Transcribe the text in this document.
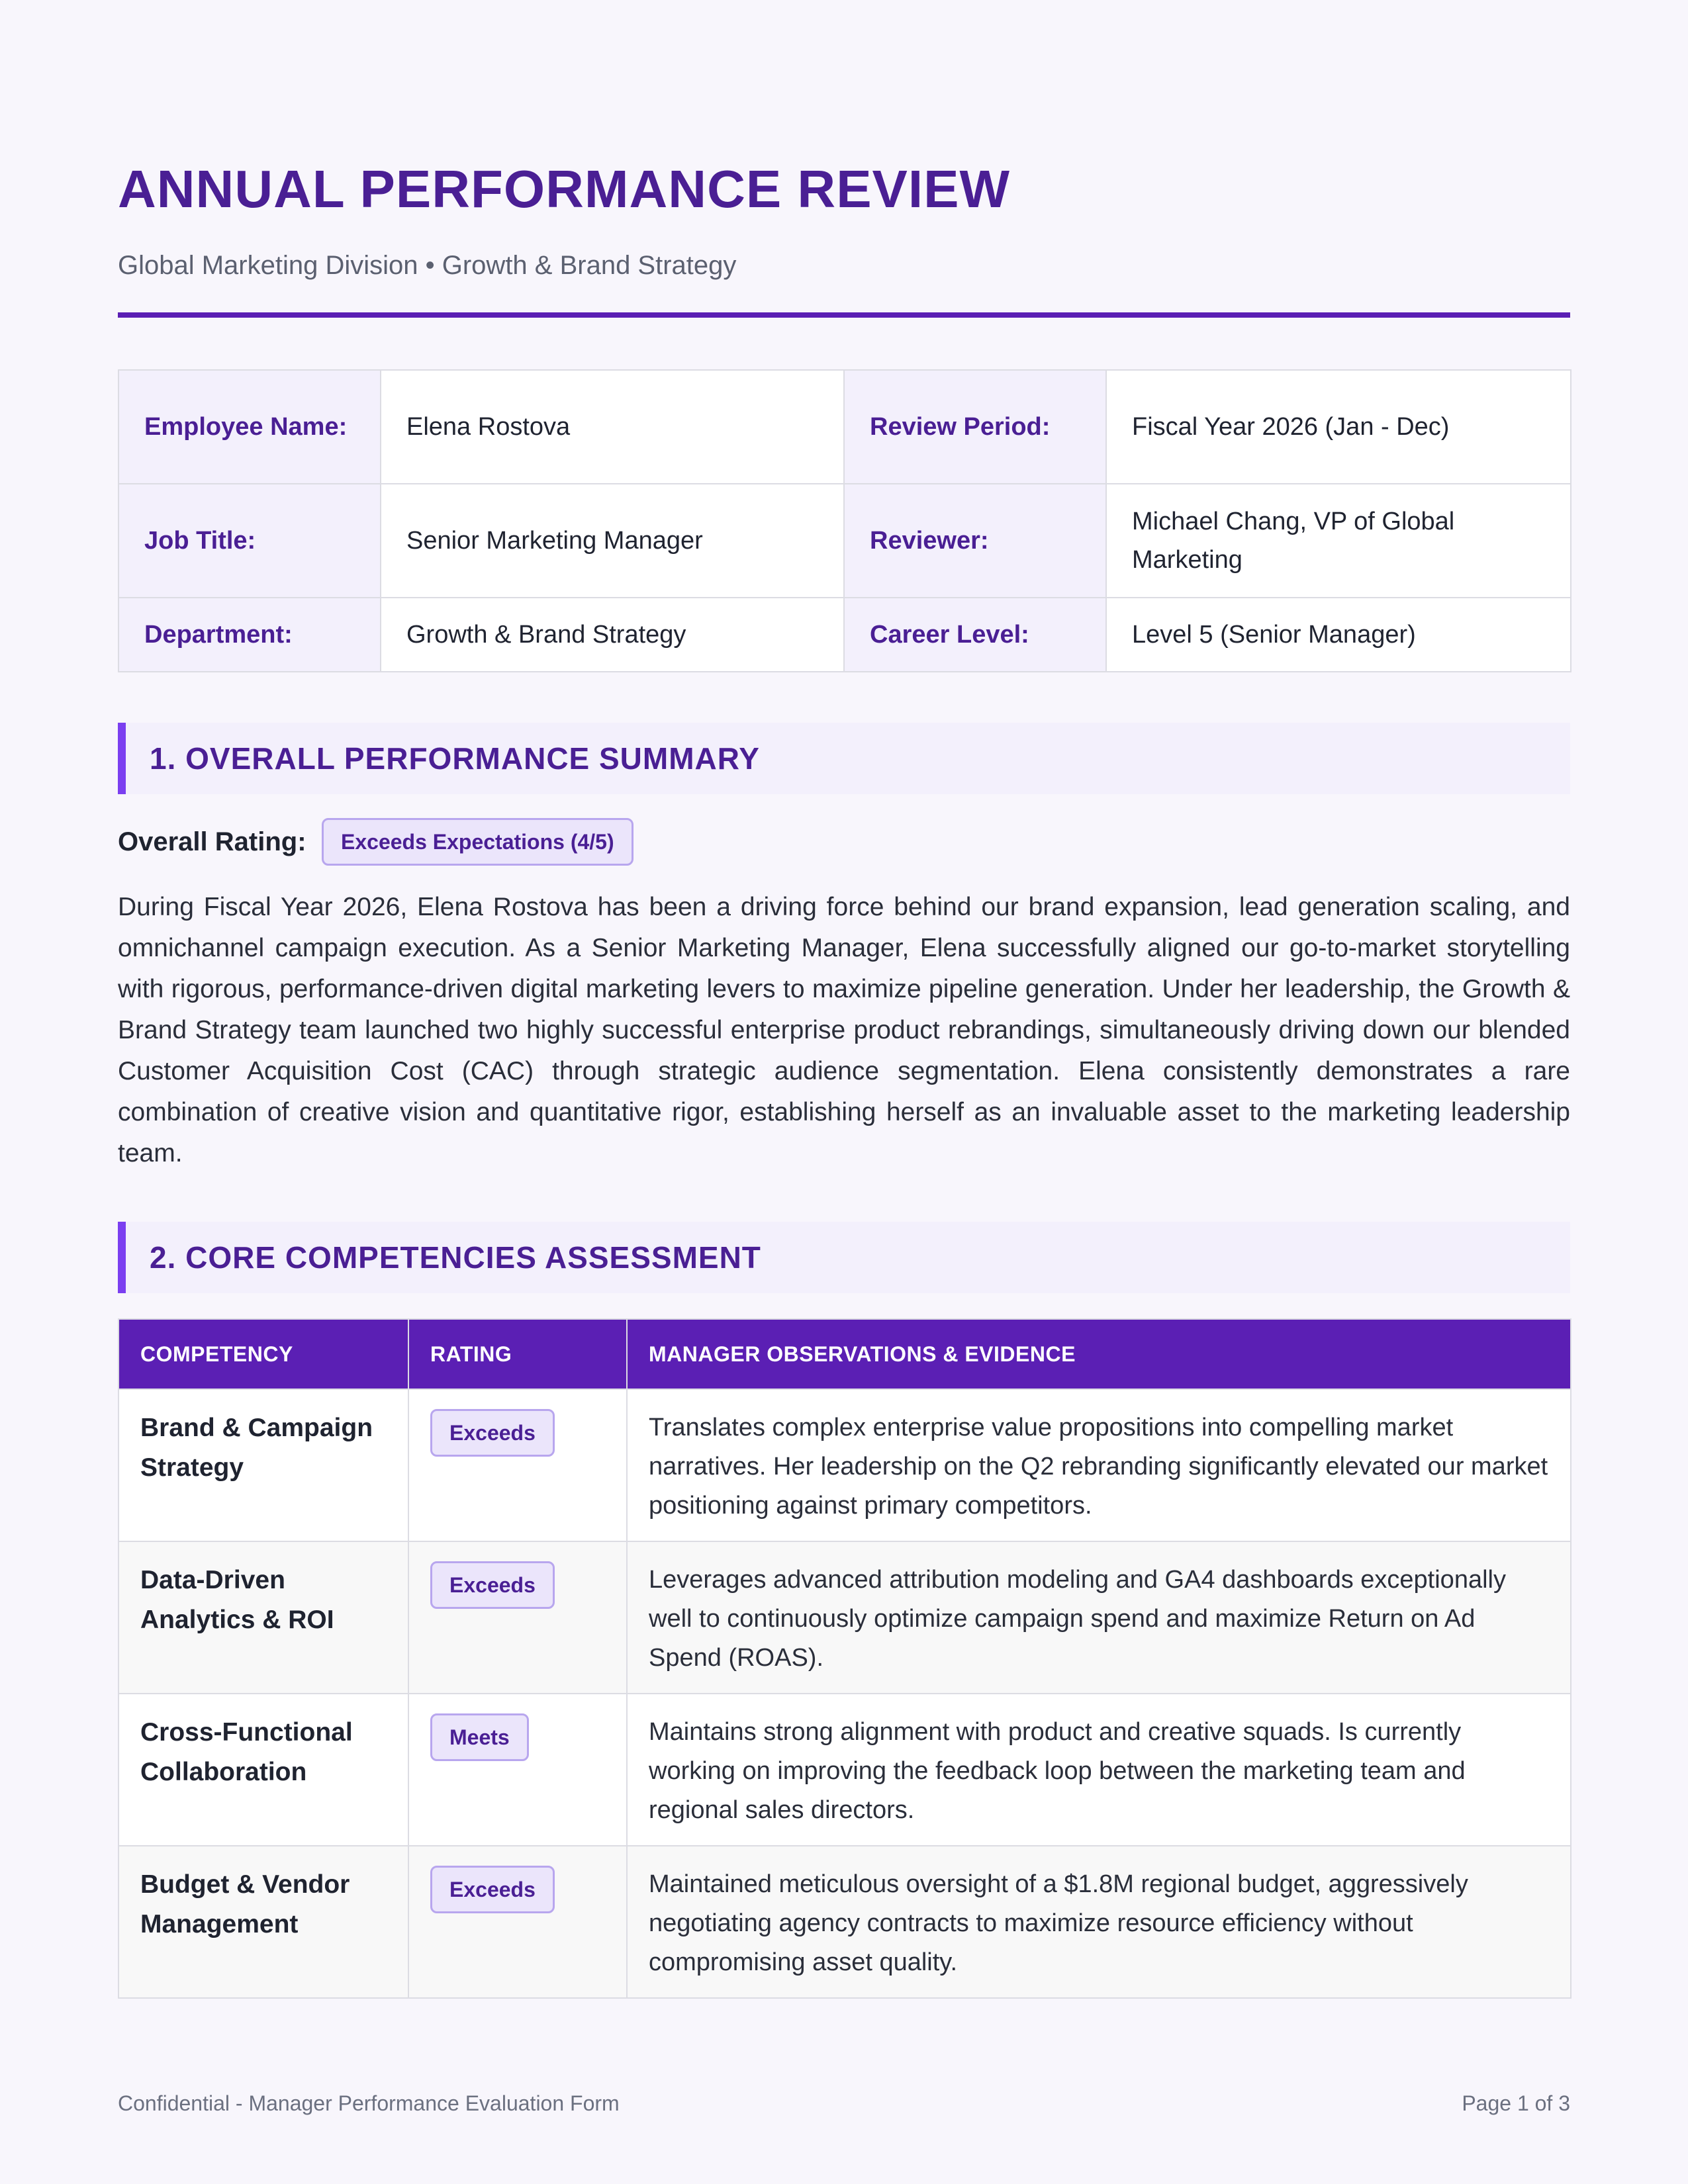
ANNUAL PERFORMANCE REVIEW
Global Marketing Division • Growth & Brand Strategy
Employee Name:	Elena Rostova	Review Period:	Fiscal Year 2026 (Jan - Dec)
Job Title:	Senior Marketing Manager	Reviewer:	Michael Chang, VP of Global Marketing
Department:	Growth & Brand Strategy	Career Level:	Level 5 (Senior Manager)
1. OVERALL PERFORMANCE SUMMARY
Overall Rating:	Exceeds Expectations (4/5)

During Fiscal Year 2026, Elena Rostova has been a driving force behind our brand expansion, lead generation scaling, and omnichannel campaign execution. As a Senior Marketing Manager, Elena successfully aligned our go-to-market storytelling with rigorous, performance-driven digital marketing levers to maximize pipeline generation. Under her leadership, the Growth & Brand Strategy team launched two highly successful enterprise product rebrandings, simultaneously driving down our blended Customer Acquisition Cost (CAC) through strategic audience segmentation. Elena consistently demonstrates a rare combination of creative vision and quantitative rigor, establishing herself as an invaluable asset to the marketing leadership team.

2. CORE COMPETENCIES ASSESSMENT
COMPETENCY	RATING	MANAGER OBSERVATIONS & EVIDENCE
Brand & Campaign Strategy	Exceeds	Translates complex enterprise value propositions into compelling market narratives. Her leadership on the Q2 rebranding significantly elevated our market positioning against primary competitors.
Data-Driven Analytics & ROI	Exceeds	Leverages advanced attribution modeling and GA4 dashboards exceptionally well to continuously optimize campaign spend and maximize Return on Ad Spend (ROAS).
Cross-Functional Collaboration	Meets	Maintains strong alignment with product and creative squads. Is currently working on improving the feedback loop between the marketing team and regional sales directors.
Budget & Vendor Management	Exceeds	Maintained meticulous oversight of a $1.8M regional budget, aggressively negotiating agency contracts to maximize resource efficiency without compromising asset quality.
Confidential - Manager Performance Evaluation Form	Page 1 of 3
